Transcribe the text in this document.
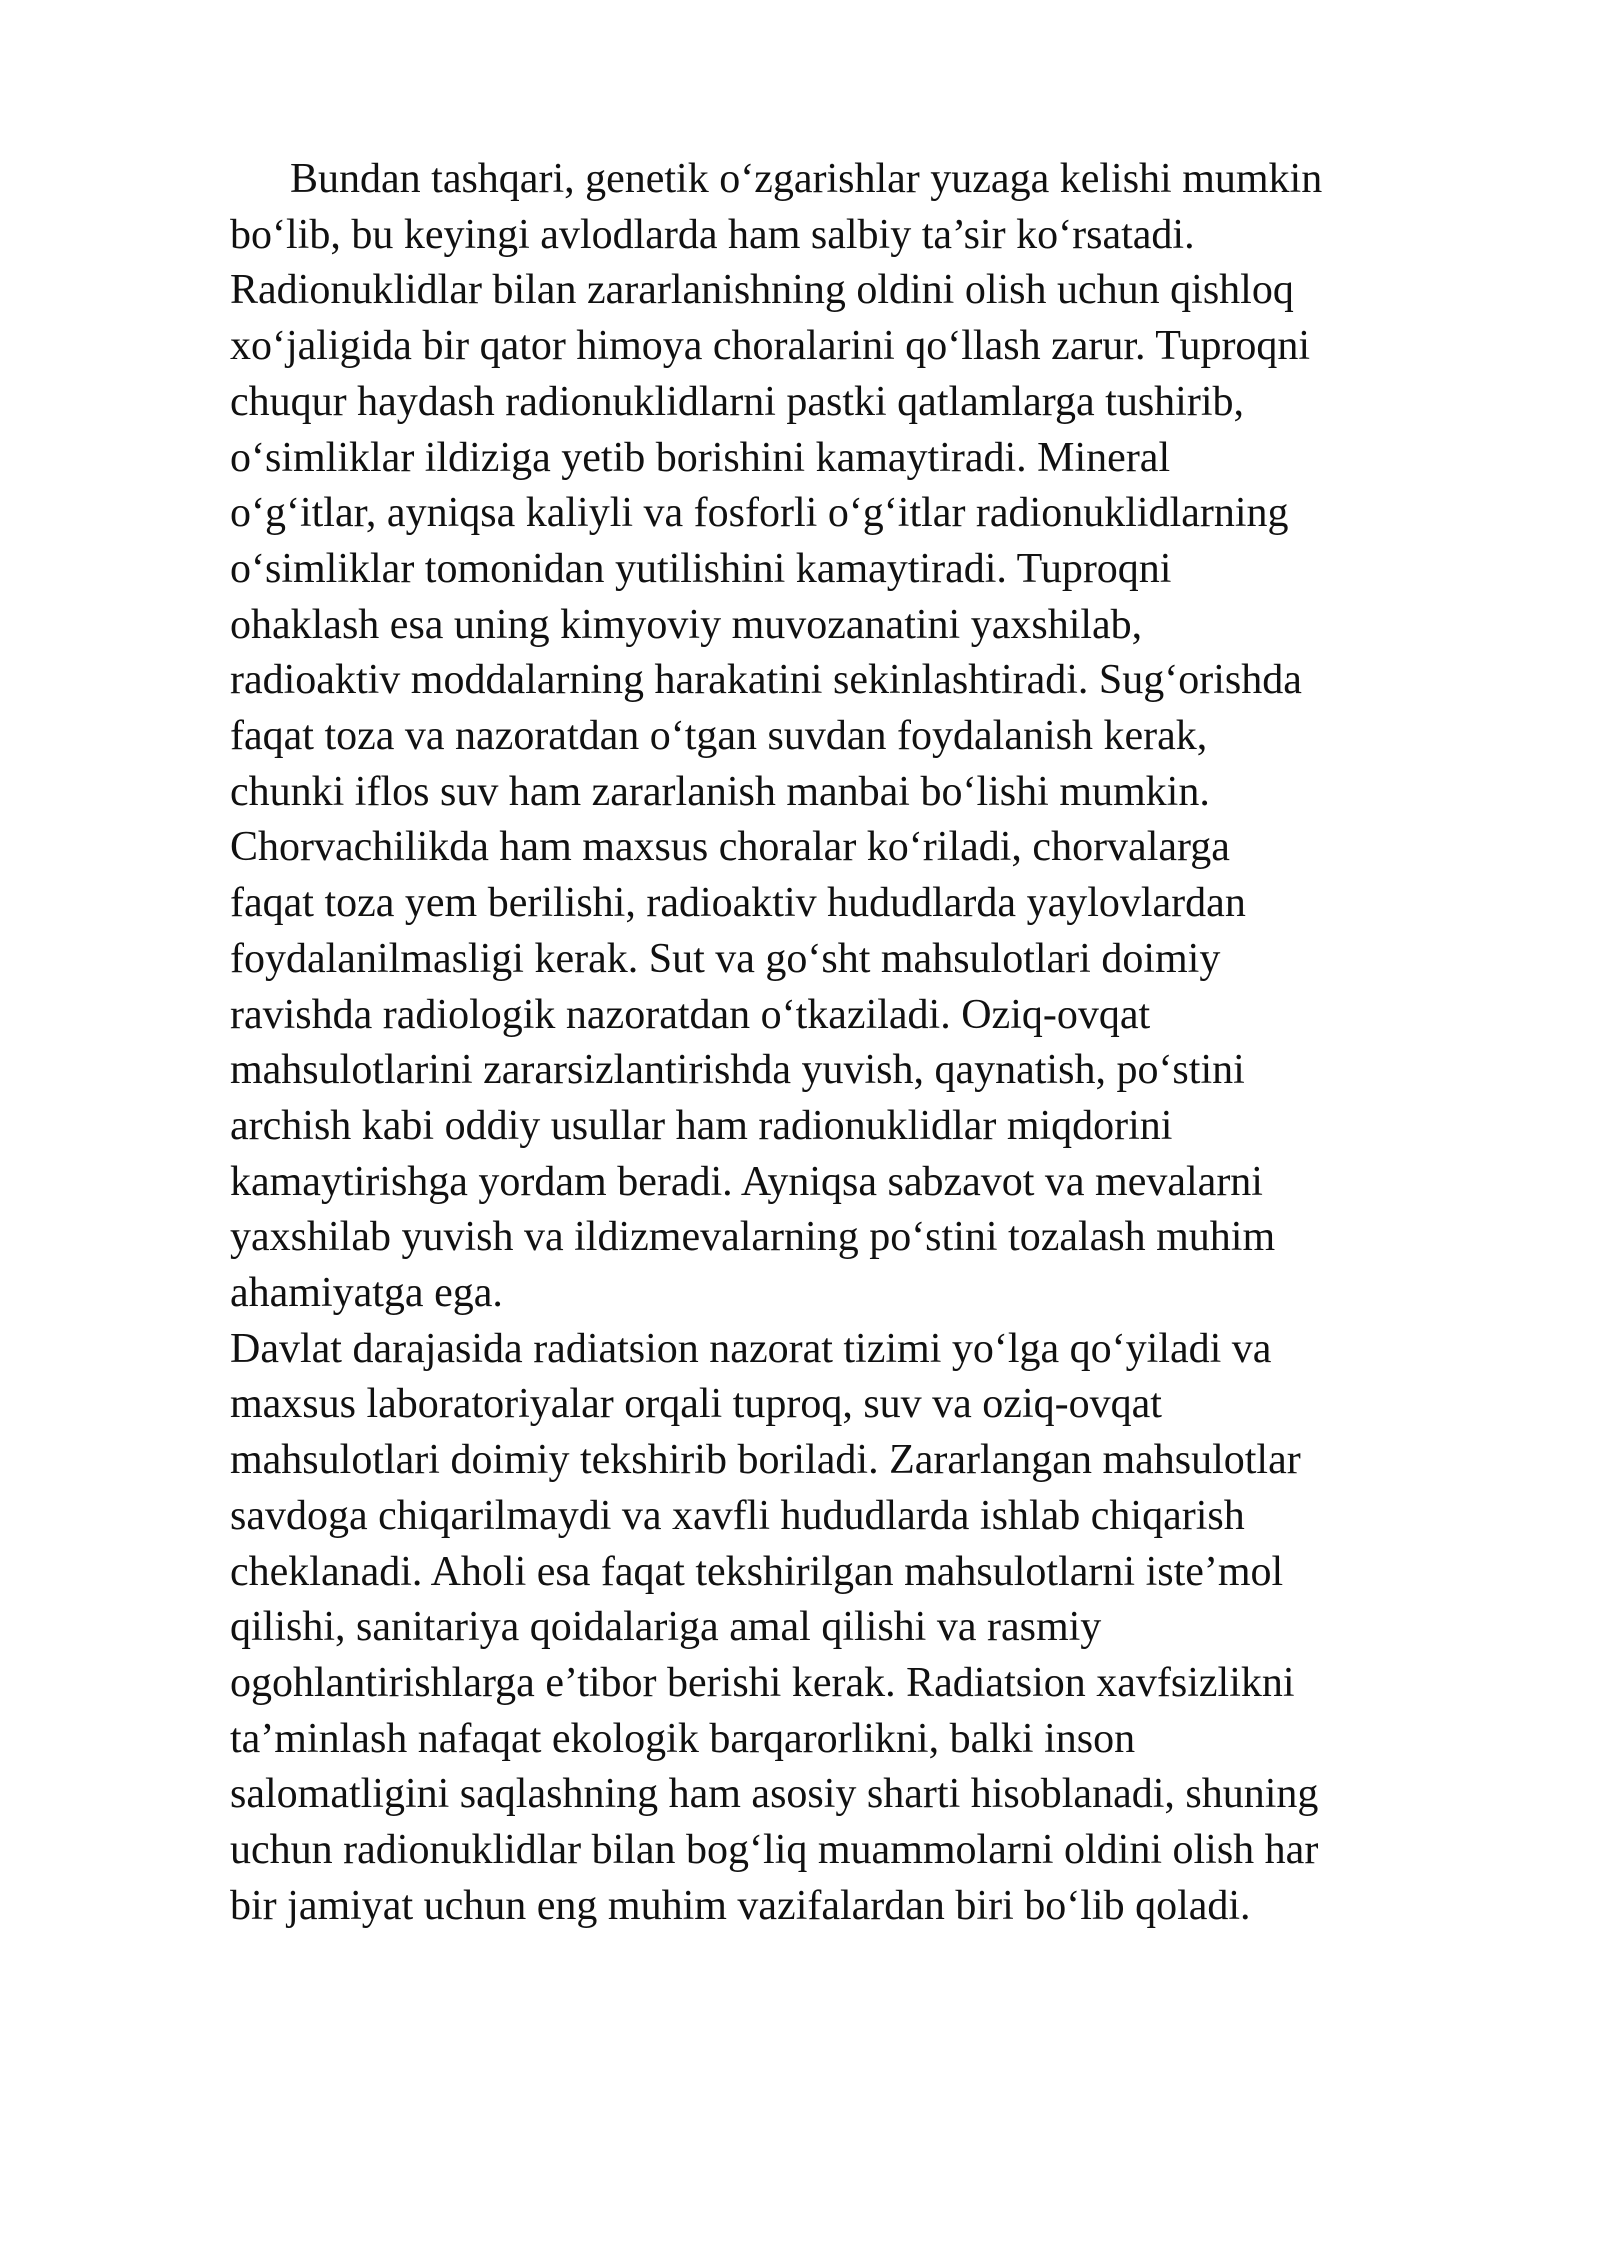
Bundan tashqari, genetik o‘zgarishlar yuzaga kelishi mumkin
bo‘lib, bu keyingi avlodlarda ham salbiy ta’sir ko‘rsatadi.
Radionuklidlar bilan zararlanishning oldini olish uchun qishloq
xo‘jaligida bir qator himoya choralarini qo‘llash zarur. Tuproqni
chuqur haydash radionuklidlarni pastki qatlamlarga tushirib,
o‘simliklar ildiziga yetib borishini kamaytiradi. Mineral
o‘g‘itlar, ayniqsa kaliyli va fosforli o‘g‘itlar radionuklidlarning
o‘simliklar tomonidan yutilishini kamaytiradi. Tuproqni
ohaklash esa uning kimyoviy muvozanatini yaxshilab,
radioaktiv moddalarning harakatini sekinlashtiradi. Sug‘orishda
faqat toza va nazoratdan o‘tgan suvdan foydalanish kerak,
chunki iflos suv ham zararlanish manbai bo‘lishi mumkin.
Chorvachilikda ham maxsus choralar ko‘riladi, chorvalarga
faqat toza yem berilishi, radioaktiv hududlarda yaylovlardan
foydalanilmasligi kerak. Sut va go‘sht mahsulotlari doimiy
ravishda radiologik nazoratdan o‘tkaziladi. Oziq-ovqat
mahsulotlarini zararsizlantirishda yuvish, qaynatish, po‘stini
archish kabi oddiy usullar ham radionuklidlar miqdorini
kamaytirishga yordam beradi. Ayniqsa sabzavot va mevalarni
yaxshilab yuvish va ildizmevalarning po‘stini tozalash muhim
ahamiyatga ega.
Davlat darajasida radiatsion nazorat tizimi yo‘lga qo‘yiladi va
maxsus laboratoriyalar orqali tuproq, suv va oziq-ovqat
mahsulotlari doimiy tekshirib boriladi. Zararlangan mahsulotlar
savdoga chiqarilmaydi va xavfli hududlarda ishlab chiqarish
cheklanadi. Aholi esa faqat tekshirilgan mahsulotlarni iste’mol
qilishi, sanitariya qoidalariga amal qilishi va rasmiy
ogohlantirishlarga e’tibor berishi kerak. Radiatsion xavfsizlikni
ta’minlash nafaqat ekologik barqarorlikni, balki inson
salomatligini saqlashning ham asosiy sharti hisoblanadi, shuning
uchun radionuklidlar bilan bog‘liq muammolarni oldini olish har
bir jamiyat uchun eng muhim vazifalardan biri bo‘lib qoladi.
